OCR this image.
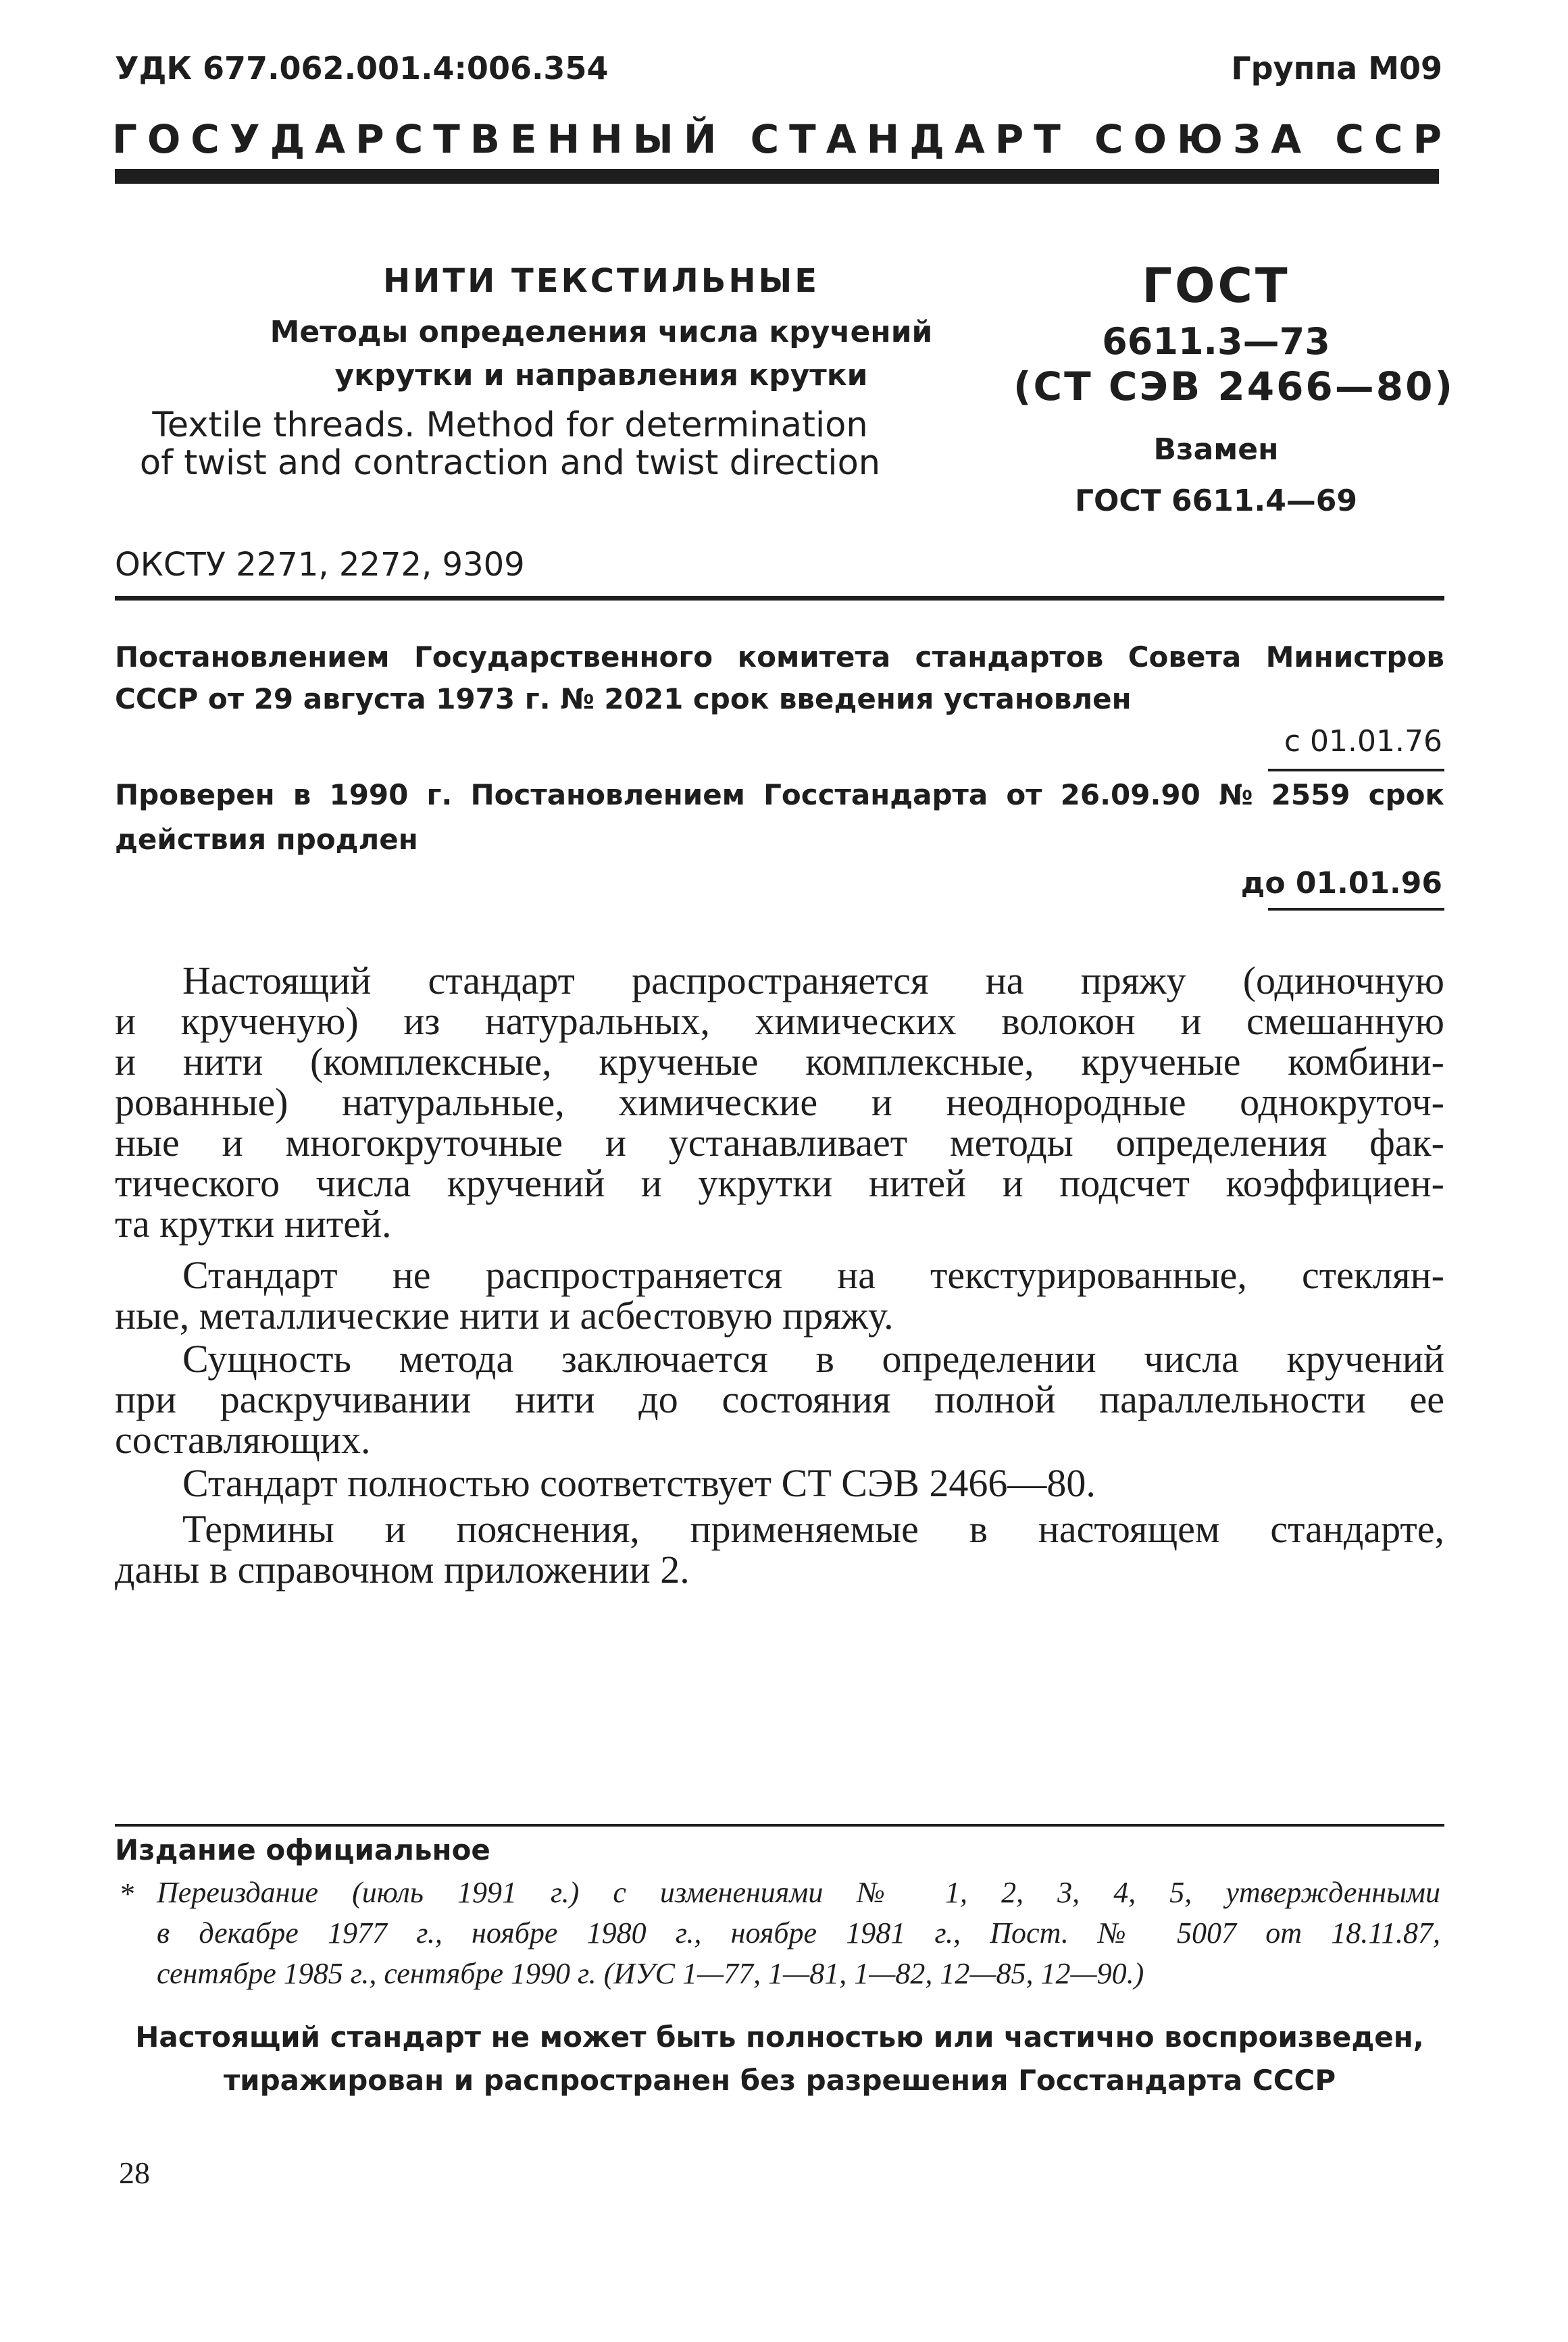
УДК 677.062.001.4:006.354	Группа М09
Г О С У Д А Р С Т В Е Н Н Ы Й
С Т А Н Д А Р Т
С О Ю З А
С С Р
НИТИ ТЕКСТИЛЬНЫЕ
Методы определения числа кручений
укрутки и направления крутки
Textile threads. Method for determination
of twist and contraction and twist direction
ГОСТ
6611.3—73
(СТ СЭВ 2466—80)
Взамен
ГОСТ 6611.4—69
ОКСТУ 2271, 2272, 9309
Постановлением Государственного комитета стандартов Совета Министров
СССР от 29 августа 1973 г. № 2021 срок введения установлен
с 01.01.76
Проверен в 1990 г. Постановлением Госстандарта от 26.09.90 № 2559 срок
действия продлен
до 01.01.96
Настоящий стандарт распространяется на пряжу (одиночную
и крученую) из натуральных, химических волокон и смешанную
и нити (комплексные, крученые комплексные, крученые комбини-
рованные) натуральные, химические и неоднородные однокруточ-
ные и многокруточные и устанавливает методы определения фак-
тического числа кручений и укрутки нитей и подсчет коэффициен-
та крутки нитей.
Стандарт не распространяется на текстурированные, стеклян-
ные, металлические нити и асбестовую пряжу.
Сущность метода заключается в определении числа кручений
при раскручивании нити до состояния полной параллельности ее
составляющих.
Стандарт полностью соответствует СТ СЭВ 2466—80.
Термины и пояснения, применяемые в настоящем стандарте,
даны в справочном приложении 2.
Издание официальное
* Переиздание (июль 1991 г.) с изменениями № 1, 2, 3, 4, 5, утвержденными
в декабре 1977 г., ноябре 1980 г., ноябре 1981 г., Пост. № 5007 от 18.11.87,
сентябре 1985 г., сентябре 1990 г. (ИУС 1—77, 1—81, 1—82, 12—85, 12—90.)
Настоящий стандарт не может быть полностью или частично воспроизведен,
тиражирован и распространен без разрешения Госстандарта СССР
28
